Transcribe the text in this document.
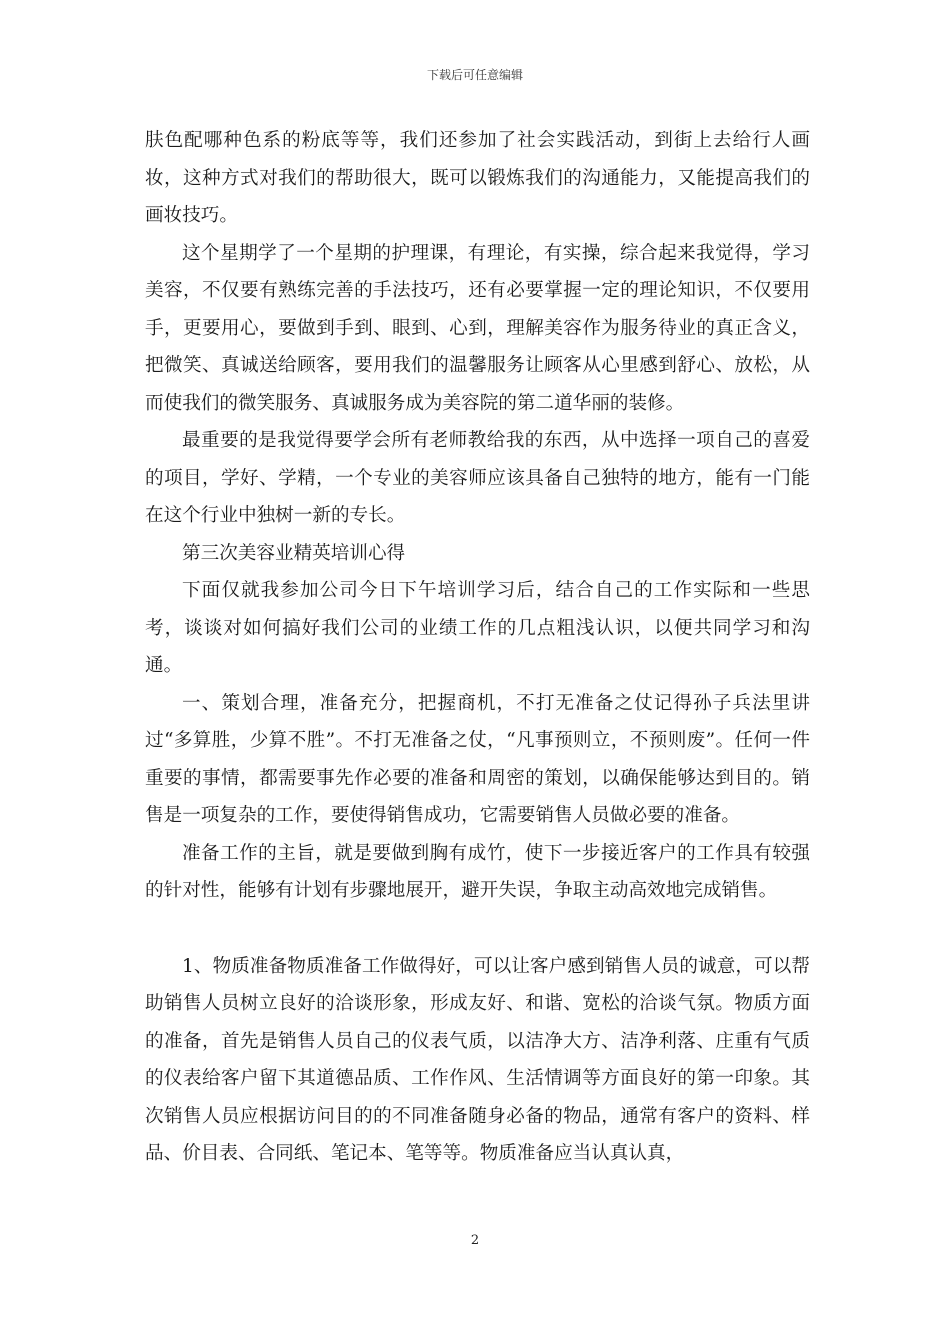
下载后可任意编辑

肤色配哪种色系的粉底等等，我们还参加了社会实践活动，到街上去给行人画妆，这种方式对我们的帮助很大，既可以锻炼我们的沟通能力，又能提高我们的画妆技巧。

这个星期学了一个星期的护理课，有理论，有实操，综合起来我觉得，学习美容，不仅要有熟练完善的手法技巧，还有必要掌握一定的理论知识，不仅要用手，更要用心，要做到手到、眼到、心到，理解美容作为服务待业的真正含义，把微笑、真诚送给顾客，要用我们的温馨服务让顾客从心里感到舒心、放松，从而使我们的微笑服务、真诚服务成为美容院的第二道华丽的装修。

最重要的是我觉得要学会所有老师教给我的东西，从中选择一项自己的喜爱的项目，学好、学精，一个专业的美容师应该具备自己独特的地方，能有一门能在这个行业中独树一新的专长。

第三次美容业精英培训心得

下面仅就我参加公司今日下午培训学习后，结合自己的工作实际和一些思考，谈谈对如何搞好我们公司的业绩工作的几点粗浅认识，以便共同学习和沟通。

一、策划合理，准备充分，把握商机，不打无准备之仗记得孙子兵法里讲过“多算胜，少算不胜”。不打无准备之仗，“凡事预则立，不预则废”。任何一件重要的事情，都需要事先作必要的准备和周密的策划，以确保能够达到目的。销售是一项复杂的工作，要使得销售成功，它需要销售人员做必要的准备。

准备工作的主旨，就是要做到胸有成竹，使下一步接近客户的工作具有较强的针对性，能够有计划有步骤地展开，避开失误，争取主动高效地完成销售。

1、物质准备物质准备工作做得好，可以让客户感到销售人员的诚意，可以帮助销售人员树立良好的洽谈形象，形成友好、和谐、宽松的洽谈气氛。物质方面的准备，首先是销售人员自己的仪表气质，以洁净大方、洁净利落、庄重有气质的仪表给客户留下其道德品质、工作作风、生活情调等方面良好的第一印象。其次销售人员应根据访问目的的不同准备随身必备的物品，通常有客户的资料、样品、价目表、合同纸、笔记本、笔等等。物质准备应当认真认真，

2
